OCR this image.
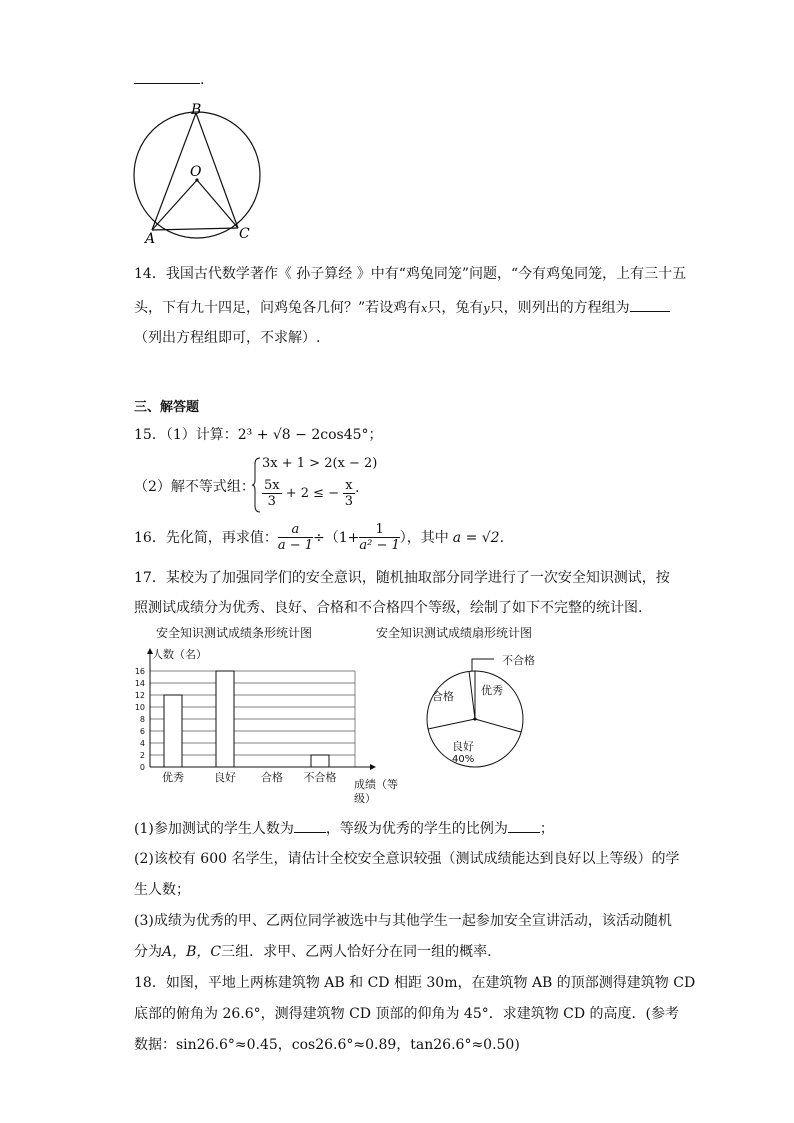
.
B
O
A	C
14．我国古代数学著作《 孙子算经 》中有“鸡兔同笼”问题，“今有鸡兔同笼，上有三十五
头，下有九十四足，问鸡兔各几何？”若设鸡有x只，兔有y只，则列出的方程组为
（列出方程组即可，不求解）.
三、解答题
15．（1）计算：2³ + √8 − 2cos45°；
（2）解不等式组：
3x + 1 > 2(x − 2)
$\frac{5x}{3} + 2$ ≤ − $\frac{x}{3}$ .
16．先化简，再求值： $\frac{a}{a - 1} \div(1+ \frac{1}{\text{a² − 1}}$ ），其中 a = √2 .
17．某校为了加强同学们的安全意识，随机抽取部分同学进行了一次安全知识测试，按
照测试成绩分为优秀、良好、合格和不合格四个等级，绘制了如下不完整的统计图.
安全知识测试成绩条形统计图	安全知识测试成绩扇形统计图
人数（名）
0
2
4
6
8
10
12
14
16
优秀	良好 合格 不合格
成绩（等
级）
不合格
优秀
合格
良好
40%
(1)参加测试的学生人数为 ，等级为优秀的学生的比例为 ；
(2)该校有 600 名学生，请估计全校安全意识较强（测试成绩能达到良好以上等级）的学
生人数；
(3)成绩为优秀的甲、乙两位同学被选中与其他学生一起参加安全宣讲活动，该活动随机
分为A，B，C三组．求甲、乙两人恰好分在同一组的概率.
18．如图，平地上两栋建筑物 AB 和 CD 相距 30m，在建筑物 AB 的顶部测得建筑物 CD
底部的俯角为 26.6°，测得建筑物 CD 顶部的仰角为 45°．求建筑物 CD 的高度．(参考
数据：sin26.6°≈0.45，cos26.6°≈0.89，tan26.6°≈0.50)
